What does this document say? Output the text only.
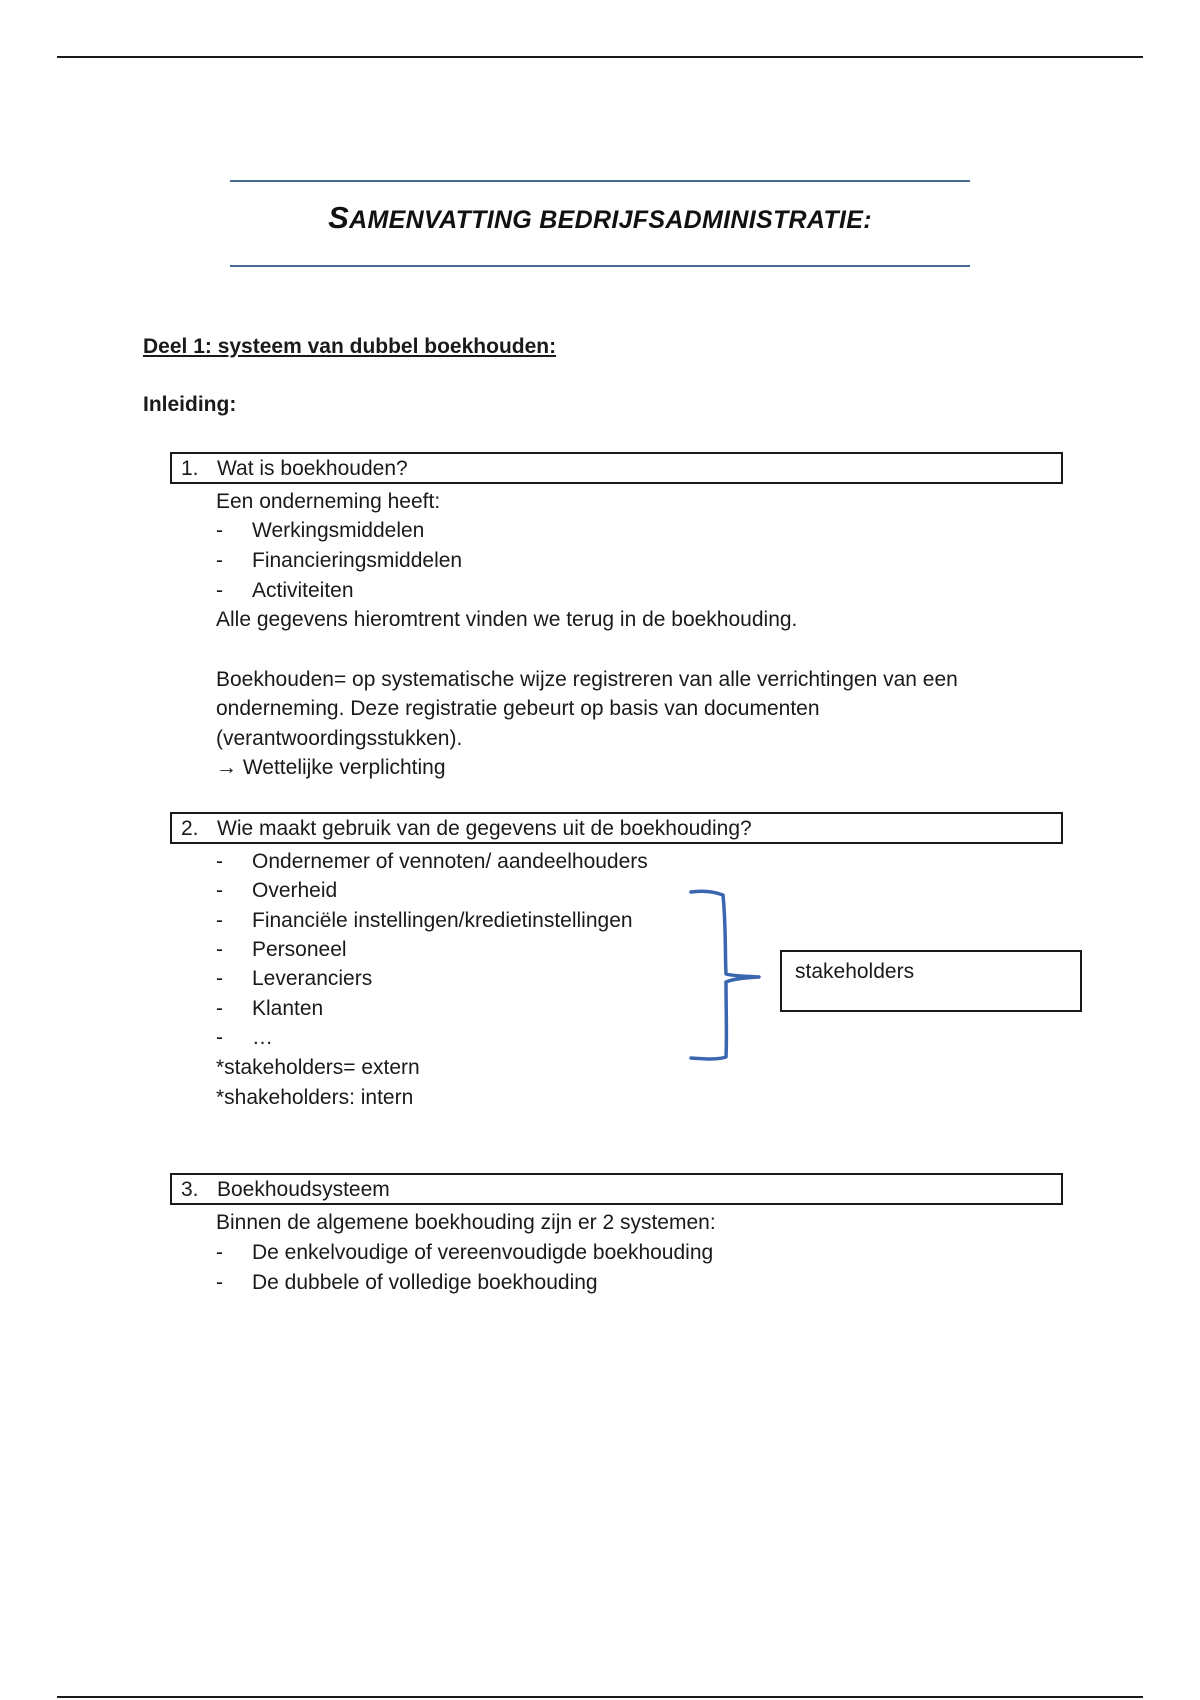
SAMENVATTING BEDRIJFSADMINISTRATIE:
Deel 1: systeem van dubbel boekhouden:
Inleiding:
1. Wat is boekhouden?
Een onderneming heeft:
- Werkingsmiddelen
- Financieringsmiddelen
- Activiteiten
Alle gegevens hieromtrent vinden we terug in de boekhouding.
Boekhouden= op systematische wijze registreren van alle verrichtingen van een
onderneming. Deze registratie gebeurt op basis van documenten
(verantwoordingsstukken).
→ Wettelijke verplichting
2. Wie maakt gebruik van de gegevens uit de boekhouding?
- Ondernemer of vennoten/ aandeelhouders
- Overheid
- Financiële instellingen/kredietinstellingen
- Personeel
- Leveranciers
- Klanten
- …
*stakeholders= extern
*shakeholders: intern
stakeholders
3. Boekhoudsysteem
Binnen de algemene boekhouding zijn er 2 systemen:
- De enkelvoudige of vereenvoudigde boekhouding
- De dubbele of volledige boekhouding
